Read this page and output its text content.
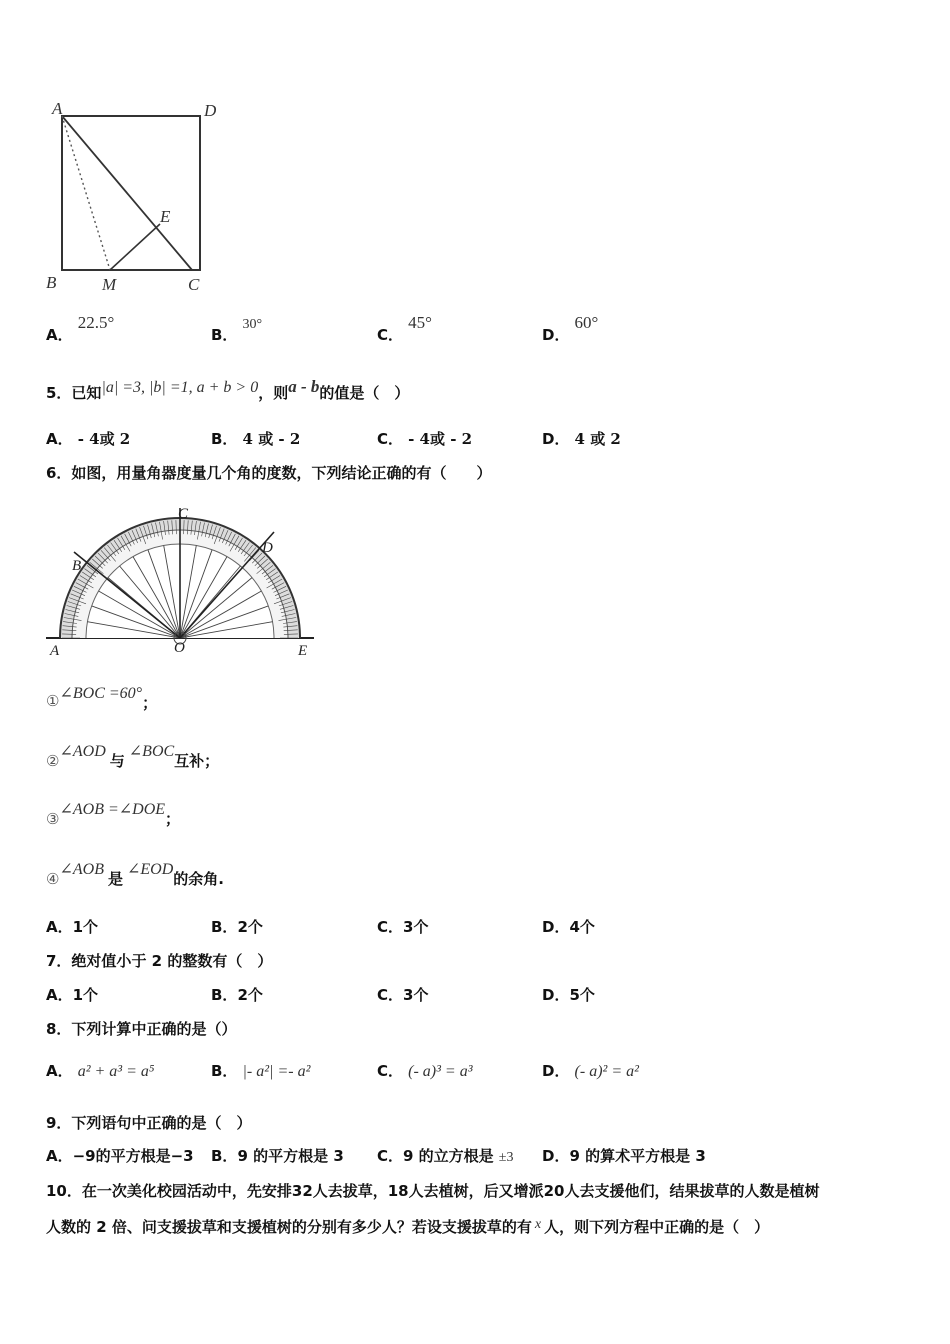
A	D
E
B	M	C
A． 22.5°
B． 30°
C． 45°
D． 60°
5．已知|a| =3, |b| =1, a + b > 0，则a - b的值是（　）
A． - 4或 2	B． 4 或 - 2	C． - 4或 - 2	D． 4 或 2
6．如图，用量角器度量几个角的度数，下列结论正确的有（　　）
A	O	E
B
C
D
①∠BOC =60°；
②∠AOD与∠BOC互补；
③∠AOB =∠DOE；
④∠AOB是∠EOD的余角.
A．1个	B．2个	C．3个	D．4个
7．绝对值小于 2 的整数有（　）
A．1个	B．2个	C．3个	D．5个
8．下列计算中正确的是（）
A． a² + a³ = a⁵	B． |- a²| =- a²	C． (- a)³ = a³	D． (- a)² = a²
9．下列语句中正确的是（　）
A．−9的平方根是−3 B．9 的平方根是 3 C．9 的立方根是 ±3 D．9 的算术平方根是 3
10．在一次美化校园活动中，先安排32人去拔草，18人去植树，后又增派20人去支援他们，结果拔草的人数是植树
人数的 2 倍、问支援拔草和支援植树的分别有多少人？若设支援拔草的有 x 人，则下列方程中正确的是（　）
